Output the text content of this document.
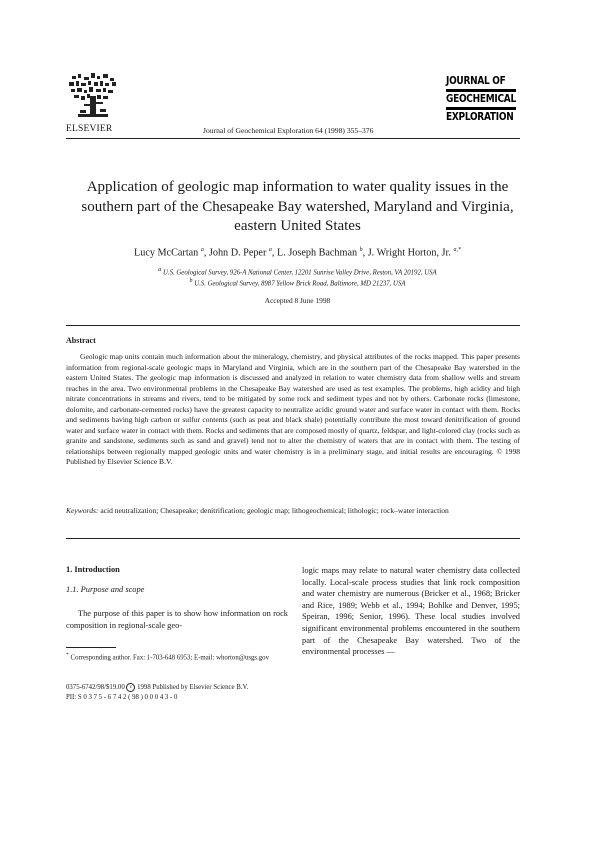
ELSEVIER	Journal of Geochemical Exploration 64 (1998) 355–376
JOURNAL OF
GEOCHEMICAL
EXPLORATION
Application of geologic map information to water quality issues in the southern part of the Chesapeake Bay watershed, Maryland and Virginia, eastern United States
Lucy McCartan $^a$, John D. Peper $^a$, L. Joseph Bachman $^b$, J. Wright Horton, Jr. $^{a,*}$
$^a$ U.S. Geological Survey, 926-A National Center, 12201 Sunrise Valley Drive, Reston, VA 20192, USA
$^b$ U.S. Geological Survey, 8987 Yellow Brick Road, Baltimore, MD 21237, USA
Accepted 8 June 1998
Abstract

Geologic map units contain much information about the mineralogy, chemistry, and physical attributes of the rocks mapped. This paper presents information from regional-scale geologic maps in Maryland and Virginia, which are in the southern part of the Chesapeake Bay watershed in the eastern United States. The geologic map information is discussed and analyzed in relation to water chemistry data from shallow wells and stream reaches in the area. Two environmental problems in the Chesapeake Bay watershed are used as test examples. The problems, high acidity and high nitrate concentrations in streams and rivers, tend to be mitigated by some rock and sediment types and not by others. Carbonate rocks (limestone, dolomite, and carbonate-cemented rocks) have the greatest capacity to neutralize acidic ground water and surface water in contact with them. Rocks and sediments having high carbon or sulfur contents (such as peat and black shale) potentially contribute the most toward denitrification of ground water and surface water in contact with them. Rocks and sediments that are composed mostly of quartz, feldspar, and light-colored clay (rocks such as granite and sandstone, sediments such as sand and gravel) tend not to alter the chemistry of waters that are in contact with them. The testing of relationships between regionally mapped geologic units and water chemistry is in a preliminary stage, and initial results are encouraging. © 1998 Published by Elsevier Science B.V.

Keywords: acid neutralization; Chesapeake; denitrification; geologic map; lithogeochemical; lithologic; rock–water interaction

1. Introduction
1.1. Purpose and scope

The purpose of this paper is to show how information on rock composition in regional-scale geo-

logic maps may relate to natural water chemistry data collected locally. Local-scale process studies that link rock composition and water chemistry are numerous (Bricker et al., 1968; Bricker and Rice, 1989; Webb et al., 1994; Bohlke and Denver, 1995; Speiran, 1996; Senior, 1996). These local studies involved significant environmental problems encountered in the southern part of the Chesapeake Bay watershed. Two of the environmental processes —

* Corresponding author. Fax: 1-703-648 6953; E-mail: whorton@usgs.gov
0375-6742/98/$19.00 c 1998 Published by Elsevier Science B.V.
PII: S 0 3 7 5 - 6 7 4 2 ( 98 ) 0 0 0 4 3 - 0
